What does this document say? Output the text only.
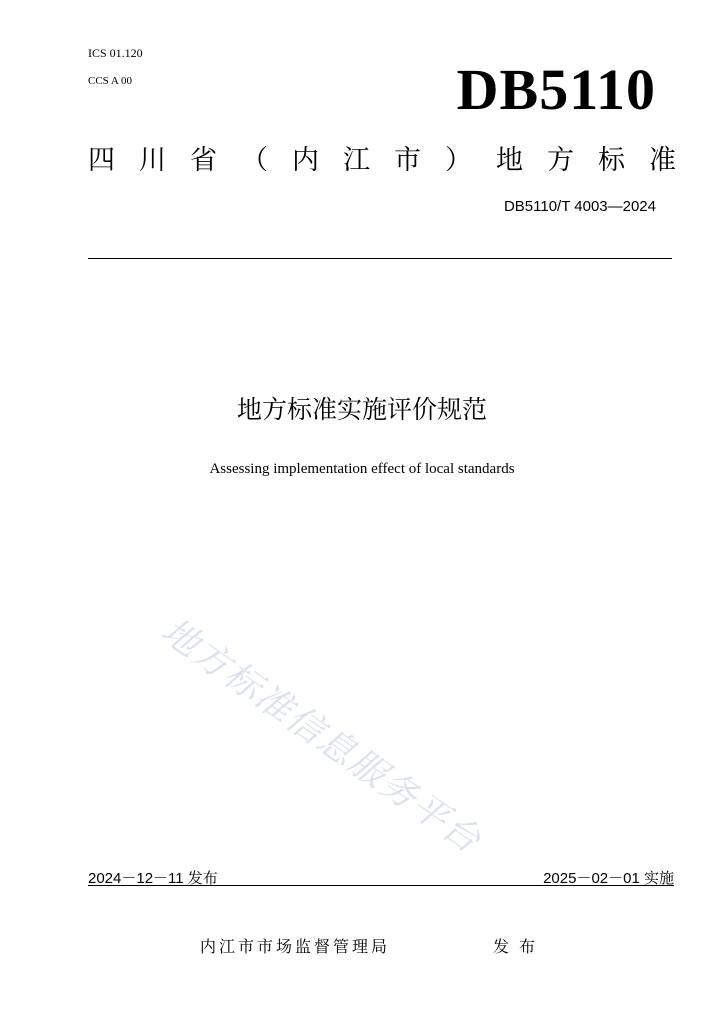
ICS 01.120
CCS A 00	DB5110
四川省（内江市）地方标准
DB5110/T 4003—2024
地方标准实施评价规范
Assessing implementation effect of local standards
地方标准信息服务平台
2024－12－11 发布	2025－02－01 实施
内江市市场监督管理局	发布
